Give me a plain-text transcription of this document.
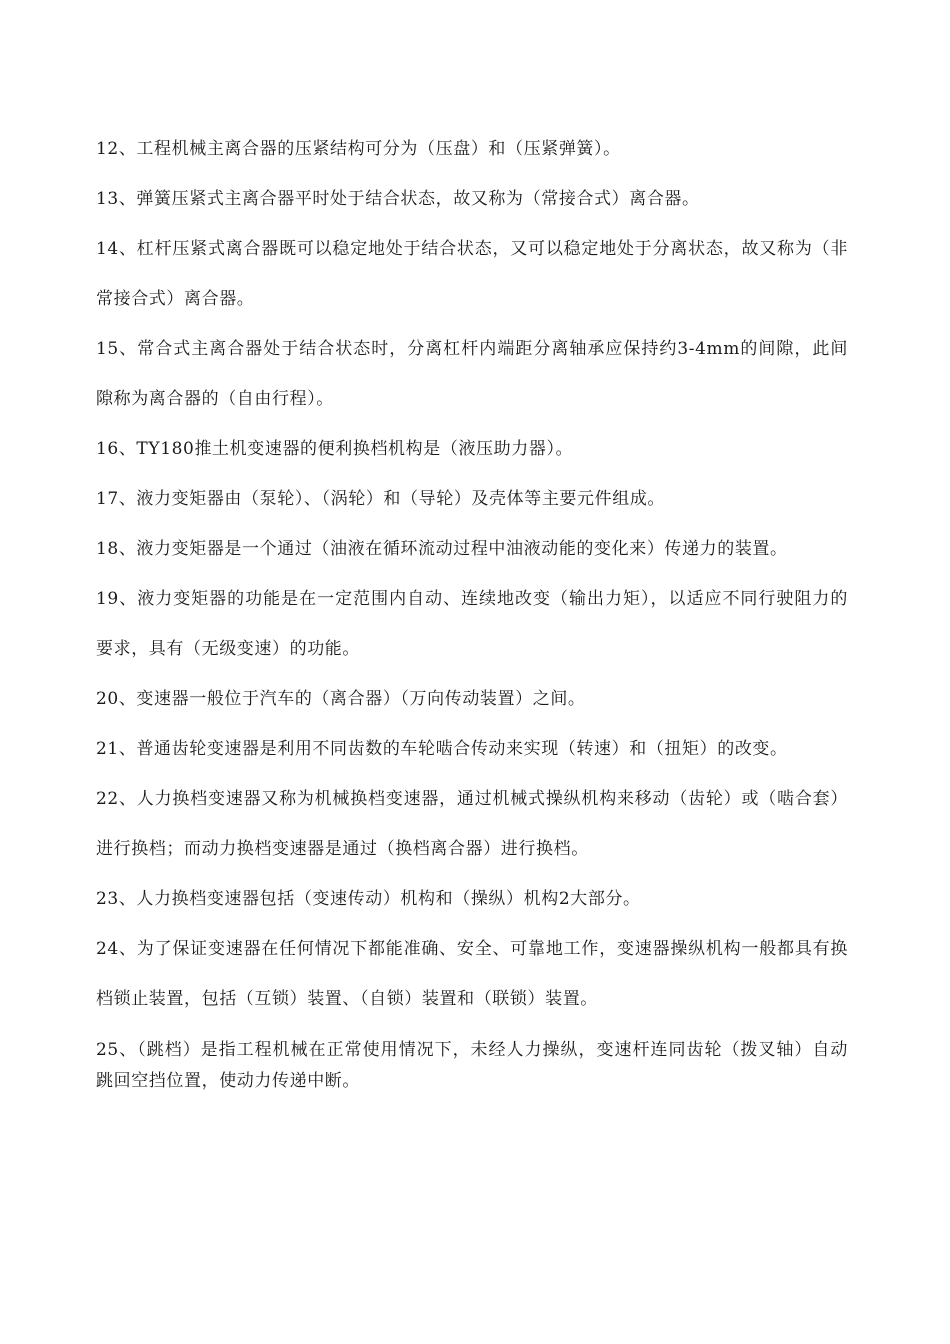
12、工程机械主离合器的压紧结构可分为（压盘）和（压紧弹簧）。

13、弹簧压紧式主离合器平时处于结合状态，故又称为（常接合式）离合器。

14、杠杆压紧式离合器既可以稳定地处于结合状态，又可以稳定地处于分离状态，故又称为（非常接合式）离合器。

15、常合式主离合器处于结合状态时，分离杠杆内端距分离轴承应保持约3-4mm的间隙，此间隙称为离合器的（自由行程）。

16、TY180推土机变速器的便利换档机构是（液压助力器）。

17、液力变矩器由（泵轮）、（涡轮）和（导轮）及壳体等主要元件组成。

18、液力变矩器是一个通过（油液在循环流动过程中油液动能的变化来）传递力的装置。

19、液力变矩器的功能是在一定范围内自动、连续地改变（输出力矩），以适应不同行驶阻力的要求，具有（无级变速）的功能。

20、变速器一般位于汽车的（离合器）（万向传动装置）之间。

21、普通齿轮变速器是利用不同齿数的车轮啮合传动来实现（转速）和（扭矩）的改变。

22、人力换档变速器又称为机械换档变速器，通过机械式操纵机构来移动（齿轮）或（啮合套）进行换档；而动力换档变速器是通过（换档离合器）进行换档。

23、人力换档变速器包括（变速传动）机构和（操纵）机构2大部分。

24、为了保证变速器在任何情况下都能准确、安全、可靠地工作，变速器操纵机构一般都具有换档锁止装置，包括（互锁）装置、（自锁）装置和（联锁）装置。

25、（跳档）是指工程机械在正常使用情况下，未经人力操纵，变速杆连同齿轮（拨叉轴）自动跳回空挡位置，使动力传递中断。
